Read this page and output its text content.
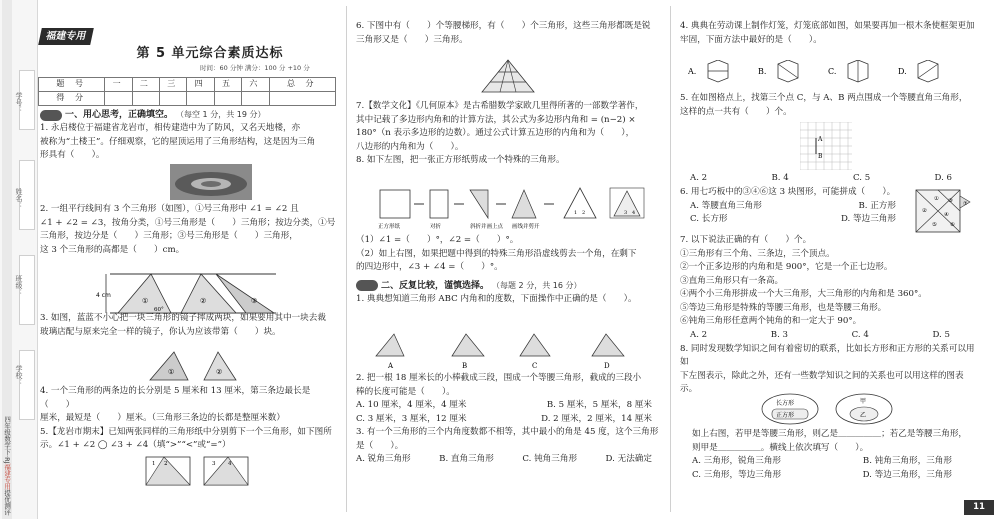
学号：
姓名：
班级：
学校：
四年级数学下·RJ福建专用提优测评
福建专用
第 5 单元综合素质达标
时间：60 分钟 满分：100 分 +10 分
题 号	一	二	三	四	五	六	总 分
得 分							
一、用心思考，正确填空。 （每空 1 分，共 19 分）
1. 永启楼位于福建省龙岩市，相传建造中为了防风，又名天地楼，亦
被称为“土楼王”。仔细观察，它的屋顶运用了三角形结构，这是因为三角
形具有（　　）。
2. 一组平行线间有 3 个三角形（如图），①号三角形中 ∠1 = ∠2 且
∠1 + ∠2 = ∠3，按角分类，①号三角形是（　　）三角形；按边分类，①号
三角形，按边分是（　　）三角形；③号三角形是（　　）三角形，
这 3 个三角形的高都是（　　）cm。
4 cm
①	②	③
60°
3. 如图，蓝蓝不小心把一块三角形的镜子摔成两块，如果要用其中一块去裁
玻璃店配与原来完全一样的镜子，你认为应该带第（　　）块。
①	②
4. 一个三角形的两条边的长分别是 5 厘米和 13 厘米，第三条边最长是（　　）
厘米，最短是（　　）厘米。（三角形三条边的长都是整厘米数）
5.【龙岩市期末】已知两张同样的三角形纸中分别剪下一个三角形，如下图所
示。∠1 + ∠2 ◯ ∠3 + ∠4（填“>”“<”或“=”）
1 2	3 4
6. 下图中有（　　）个等腰梯形，有（　　）个三角形，这些三角形都既是锐
三角形又是（　　）三角形。
7.【数学文化】《几何原本》是古希腊数学家欧几里得所著的一部数学著作，
其中记载了多边形内角和的计算方法，其公式为多边形内角和 = (n−2) ×
180°（n 表示多边形的边数）。通过公式计算五边形的内角和为（　　），
八边形的内角和为（　　）。
8. 如下左图，把一张正方形纸剪成一个特殊的三角形。
正方形纸	对折	斜折并画上点 画线并剪开
1 2	3 4
（1）∠1 =（　　）°，∠2 =（　　）°。
（2）如上右图，如果把题中得到的特殊三角形沿虚线剪去一个角，在剩下
的四边形中，∠3 + ∠4 =（　　）°。
二、反复比较，谨慎选择。 （每题 2 分，共 16 分）
1. 典典想知道三角形 ABC 内角和的度数，下面操作中正确的是（　　）。
A	B	C	D
2. 把一根 18 厘米长的小棒截成三段，围成一个等腰三角形，截成的三段小
棒的长度可能是（　　）。
A. 10 厘米，4 厘米，4 厘米	B. 5 厘米，5 厘米，8 厘米
C. 3 厘米，3 厘米，12 厘米	D. 2 厘米，2 厘米，14 厘米
3. 有一个三角形的三个内角度数都不相等，其中最小的角是 45 度，这个三角形是（　　）。
A. 锐角三角形	B. 直角三角形	C. 钝角三角形	D. 无法确定
4. 典典在劳动课上制作灯笼，灯笼底部如图，如果要再加一根木条使框架更加
牢固，下面方法中最好的是（　　）。
A.	B.	C.	D.
5. 在如图格点上，找第三个点 C，与 A、B 两点围成一个等腰直角三角形，
这样的点一共有（　　）个。
A
B
A. 2	B. 4	C. 5	D. 6
6. 用七巧板中的③④⑥这 3 块图形，可能拼成（　　）。
A. 等腰直角三角形	B. 正方形
C. 长方形	D. 等边三角形
①
②
③
④
⑤ ⑥
⑦
7. 以下说法正确的有（　　）个。
①三角形有三个角、三条边，三个顶点。
②一个正多边形的内角和是 900°，它是一个正七边形。
③直角三角形只有一条高。
④两个小三角形拼成一个大三角形，大三角形的内角和是 360°。
⑤等边三角形是特殊的等腰三角形，也是等腰三角形。
⑥钝角三角形任意两个钝角的和一定大于 90°。
A. 2	B. 3	C. 4	D. 5
8. 同时发现数学知识之间有着密切的联系，比如长方形和正方形的关系可以用如
下左图表示，除此之外，还有一些数学知识之间的关系也可以用这样的图表示。
长方形
正方形
甲
乙
如上右图，若甲是等腰三角形，则乙是＿＿＿＿＿；若乙是等腰三角形，
则甲是＿＿＿＿＿。横线上依次填写（　　）。
A. 三角形，锐角三角形	B. 钝角三角形，三角形
C. 三角形，等边三角形	D. 等边三角形，三角形
11
